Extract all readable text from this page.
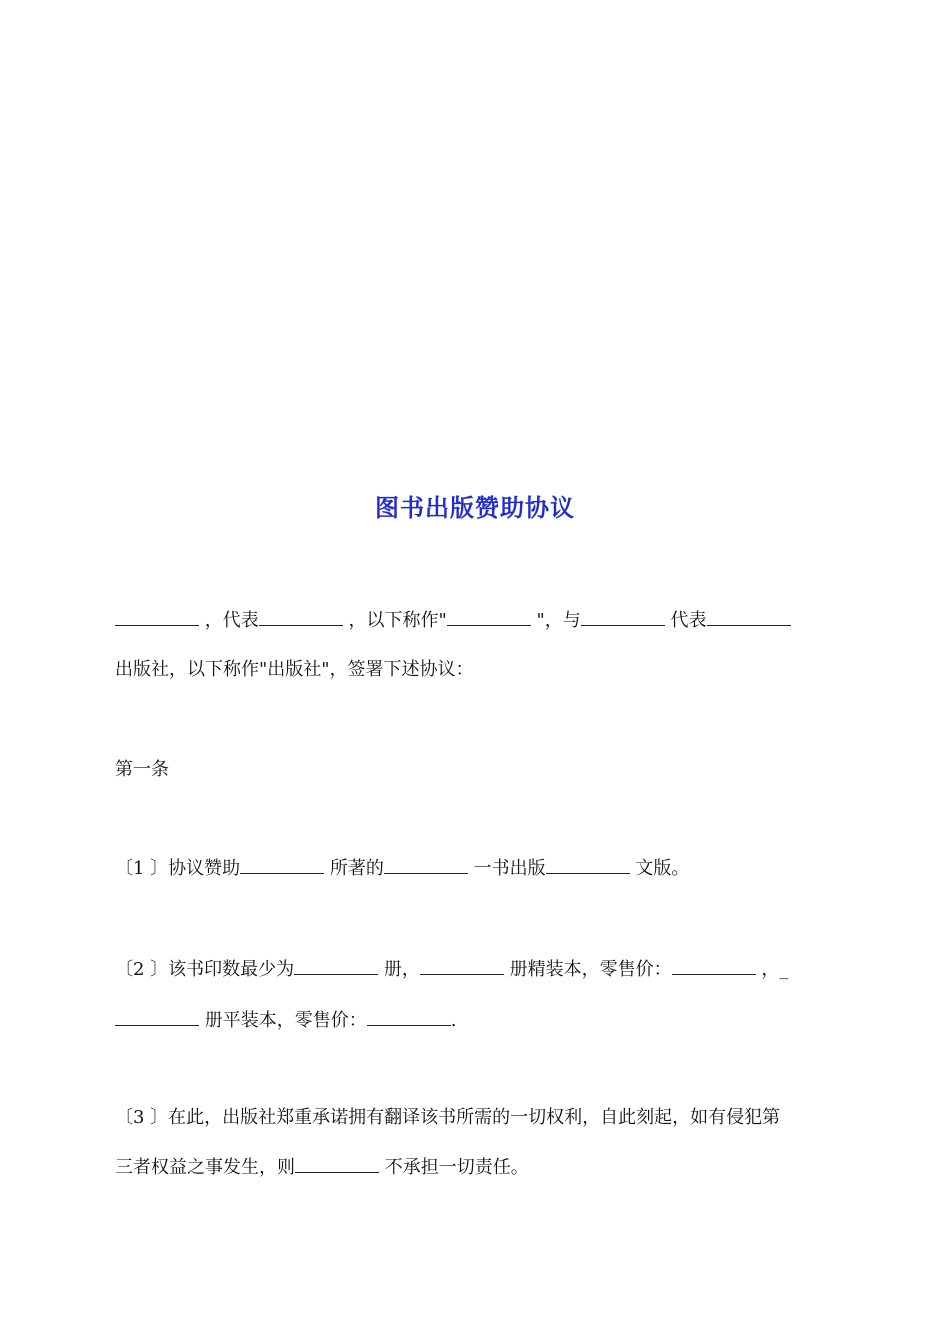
图书出版赞助协议
，代表	，以下称作"	"，与	代表
出版社，以下称作"出版社"，签署下述协议：
第一条
〔1 〕协议赞助	所著的	一书出版	文版。
〔2 〕该书印数最少为	册，	册精装本，零售价：	，_
册平装本，零售价：	.
〔3 〕在此，出版社郑重承诺拥有翻译该书所需的一切权利，自此刻起，如有侵犯第
三者权益之事发生，则	不承担一切责任。
